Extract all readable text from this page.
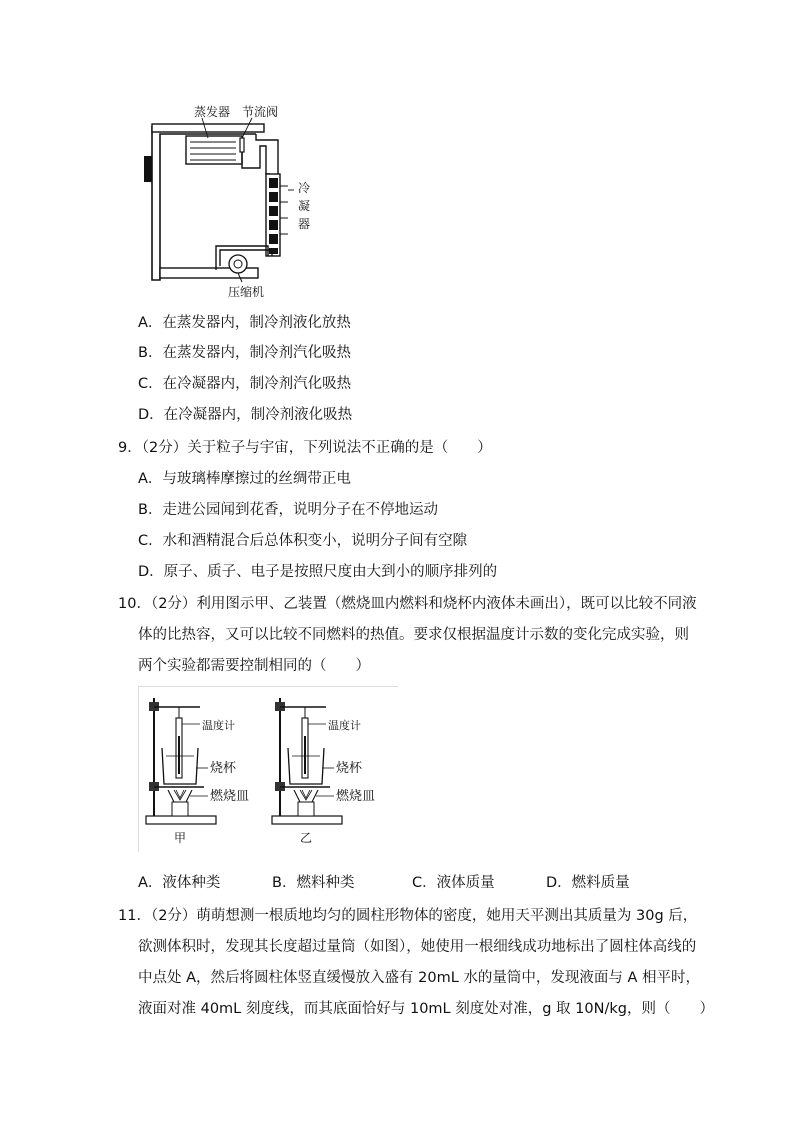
蒸发器 节流阀
冷
凝
器
压缩机
A．在蒸发器内，制冷剂液化放热
B．在蒸发器内，制冷剂汽化吸热
C．在冷凝器内，制冷剂汽化吸热
D．在冷凝器内，制冷剂液化吸热
9．（2分）关于粒子与宇宙，下列说法不正确的是（　　）
A．与玻璃棒摩擦过的丝绸带正电
B．走进公园闻到花香，说明分子在不停地运动
C．水和酒精混合后总体积变小，说明分子间有空隙
D．原子、质子、电子是按照尺度由大到小的顺序排列的
10．（2分）利用图示甲、乙装置（燃烧皿内燃料和烧杯内液体未画出），既可以比较不同液
体的比热容，又可以比较不同燃料的热值。要求仅根据温度计示数的变化完成实验，则
两个实验都需要控制相同的（　　）
温度计
烧杯
燃烧皿
甲
温度计
烧杯
燃烧皿
乙
A．液体种类	B．燃料种类	C．液体质量	D．燃料质量
11．（2分）萌萌想测一根质地均匀的圆柱形物体的密度，她用天平测出其质量为 30g 后，
欲测体积时，发现其长度超过量筒（如图），她使用一根细线成功地标出了圆柱体高线的
中点处 A，然后将圆柱体竖直缓慢放入盛有 20mL 水的量筒中，发现液面与 A 相平时，
液面对准 40mL 刻度线，而其底面恰好与 10mL 刻度处对准，g 取 10N/kg，则（　　）
